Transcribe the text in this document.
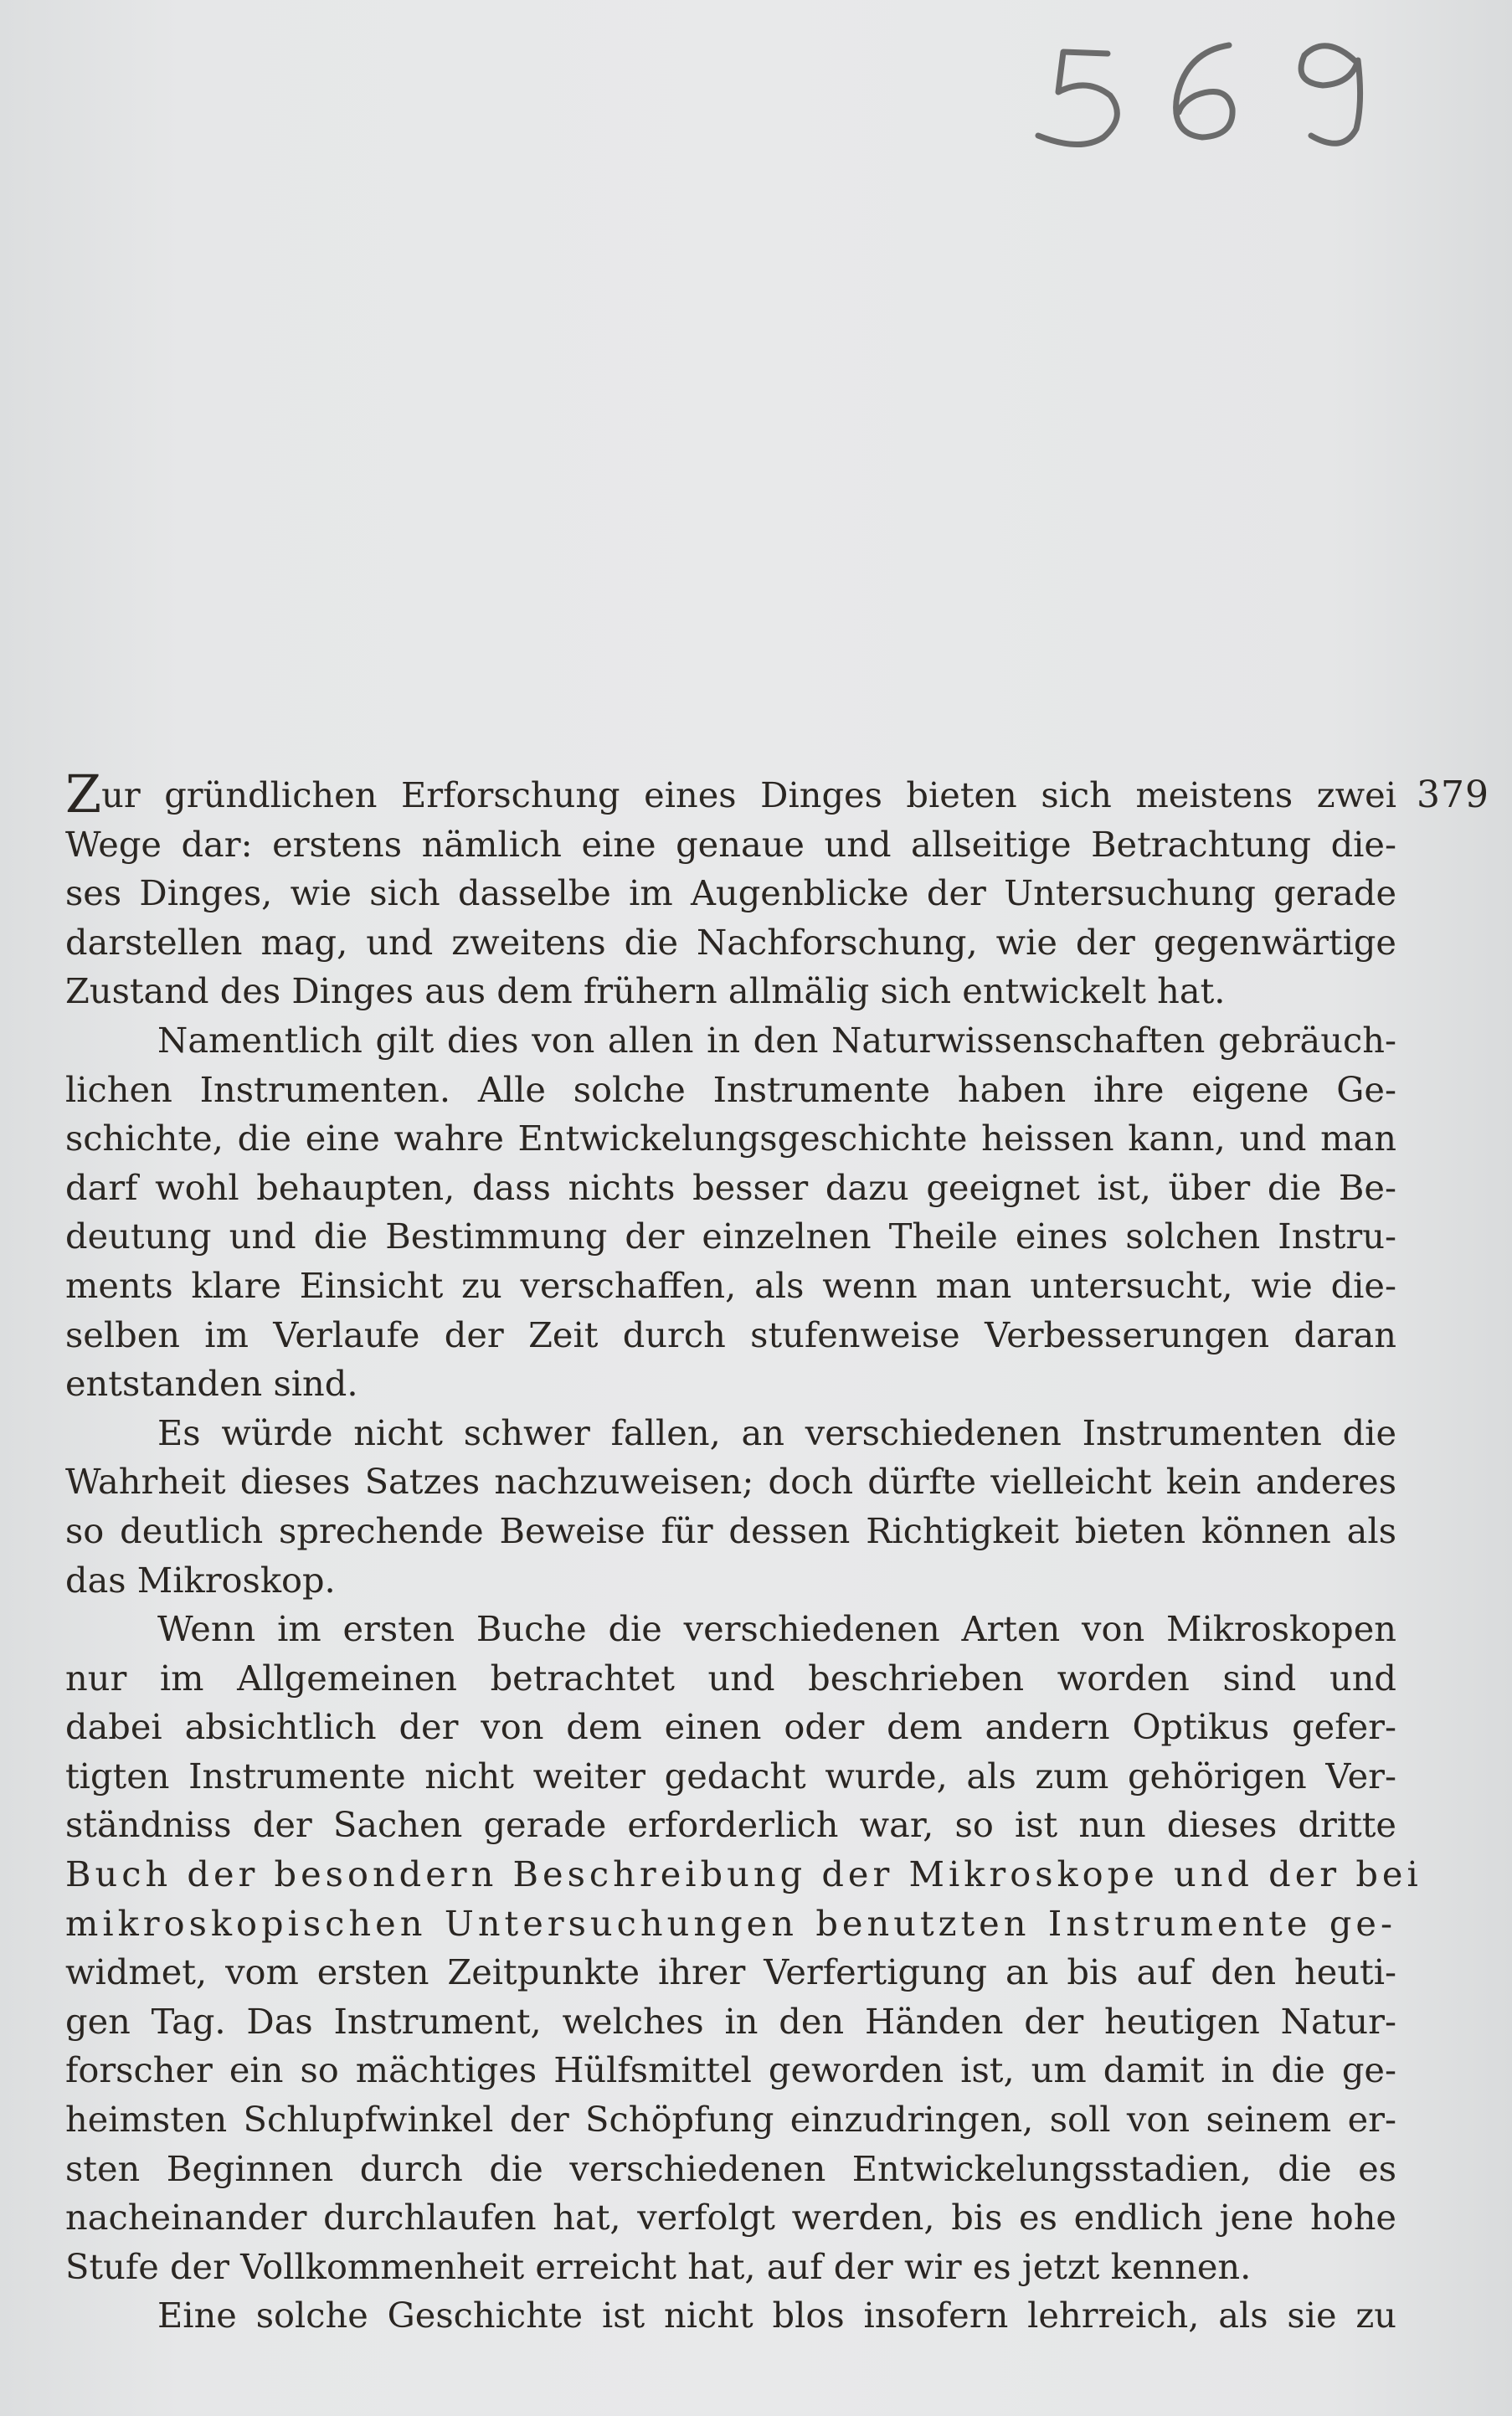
379

Zur gründlichen Erforschung eines Dinges bieten sich meistens zwei
Wege dar: erstens nämlich eine genaue und allseitige Betrachtung die-
ses Dinges, wie sich dasselbe im Augenblicke der Untersuchung gerade
darstellen mag, und zweitens die Nachforschung, wie der gegenwärtige
Zustand des Dinges aus dem frühern allmälig sich entwickelt hat.

Namentlich gilt dies von allen in den Naturwissenschaften gebräuch-
lichen Instrumenten. Alle solche Instrumente haben ihre eigene Ge-
schichte, die eine wahre Entwickelungsgeschichte heissen kann, und man
darf wohl behaupten, dass nichts besser dazu geeignet ist, über die Be-
deutung und die Bestimmung der einzelnen Theile eines solchen Instru-
ments klare Einsicht zu verschaffen, als wenn man untersucht, wie die-
selben im Verlaufe der Zeit durch stufenweise Verbesserungen daran
entstanden sind.

Es würde nicht schwer fallen, an verschiedenen Instrumenten die
Wahrheit dieses Satzes nachzuweisen; doch dürfte vielleicht kein anderes
so deutlich sprechende Beweise für dessen Richtigkeit bieten können als
das Mikroskop.

Wenn im ersten Buche die verschiedenen Arten von Mikroskopen
nur im Allgemeinen betrachtet und beschrieben worden sind und
dabei absichtlich der von dem einen oder dem andern Optikus gefer-
tigten Instrumente nicht weiter gedacht wurde, als zum gehörigen Ver-
ständniss der Sachen gerade erforderlich war, so ist nun dieses dritte
Buch der besondern Beschreibung der Mikroskope und der bei
mikroskopischen Untersuchungen benutzten Instrumente ge-
widmet, vom ersten Zeitpunkte ihrer Verfertigung an bis auf den heuti-
gen Tag. Das Instrument, welches in den Händen der heutigen Natur-
forscher ein so mächtiges Hülfsmittel geworden ist, um damit in die ge-
heimsten Schlupfwinkel der Schöpfung einzudringen, soll von seinem er-
sten Beginnen durch die verschiedenen Entwickelungsstadien, die es
nacheinander durchlaufen hat, verfolgt werden, bis es endlich jene hohe
Stufe der Vollkommenheit erreicht hat, auf der wir es jetzt kennen.

Eine solche Geschichte ist nicht blos insofern lehrreich, als sie zu
